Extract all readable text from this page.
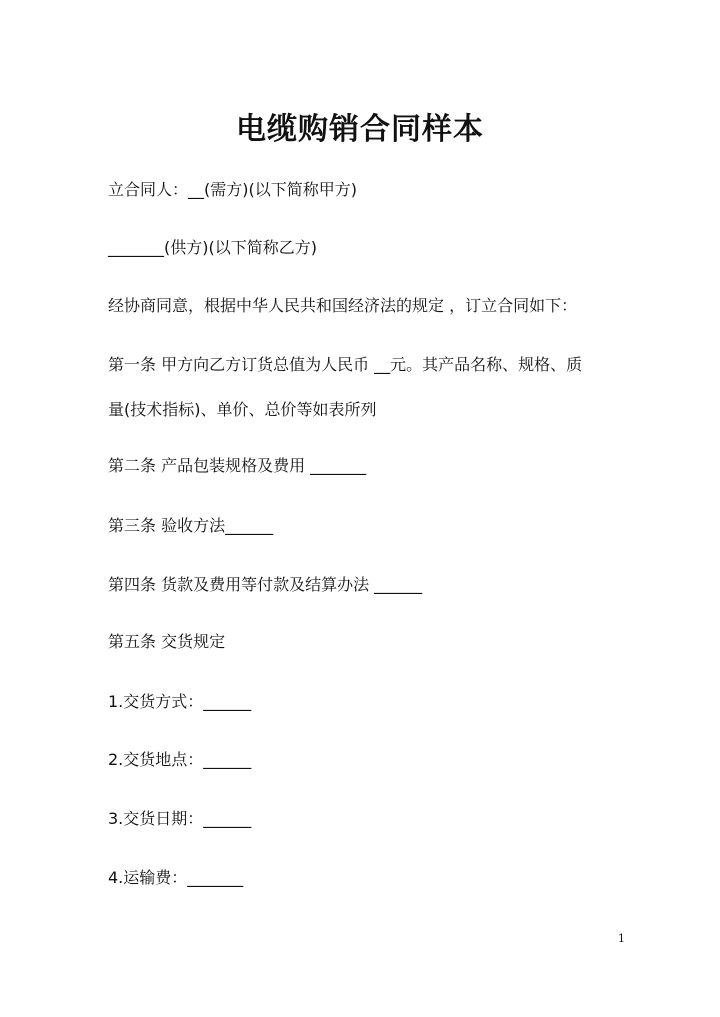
电缆购销合同样本
立合同人：__(需方)(以下简称甲方)
_______(供方)(以下简称乙方)
经协商同意，根据中华人民共和国经济法的规定 ，订立合同如下：
第一条 甲方向乙方订货总值为人民币 __元。其产品名称、规格、质
量(技术指标)、单价、总价等如表所列
第二条 产品包装规格及费用 _______
第三条 验收方法______
第四条 货款及费用等付款及结算办法 ______
第五条 交货规定
1.交货方式：______
2.交货地点：______
3.交货日期：______
4.运输费：_______
1
